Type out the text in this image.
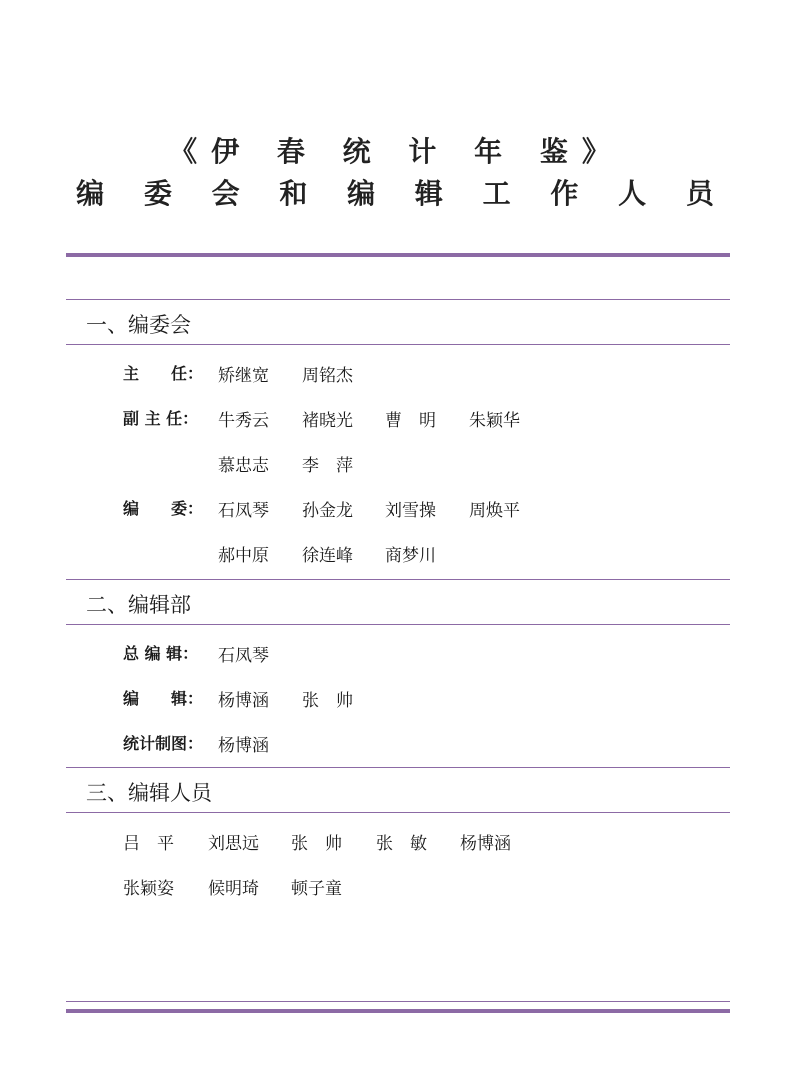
《伊 春 统 计 年 鉴》
编 委 会 和 编 辑 工 作 人 员
一、编委会
主　　任： 矫继宽 周铭杰
副 主 任：	牛秀云 褚晓光 曹　明 朱颖华
慕忠志 李　萍
编　　委： 石凤琴 孙金龙 刘雪操 周焕平
郝中原 徐连峰 商梦川
二、编辑部
总 编 辑：	石凤琴
编　　辑： 杨博涵 张　帅
统计制图： 杨博涵
三、编辑人员
吕　平 刘思远 张　帅 张　敏 杨博涵
张颖姿 候明琦 顿子童
